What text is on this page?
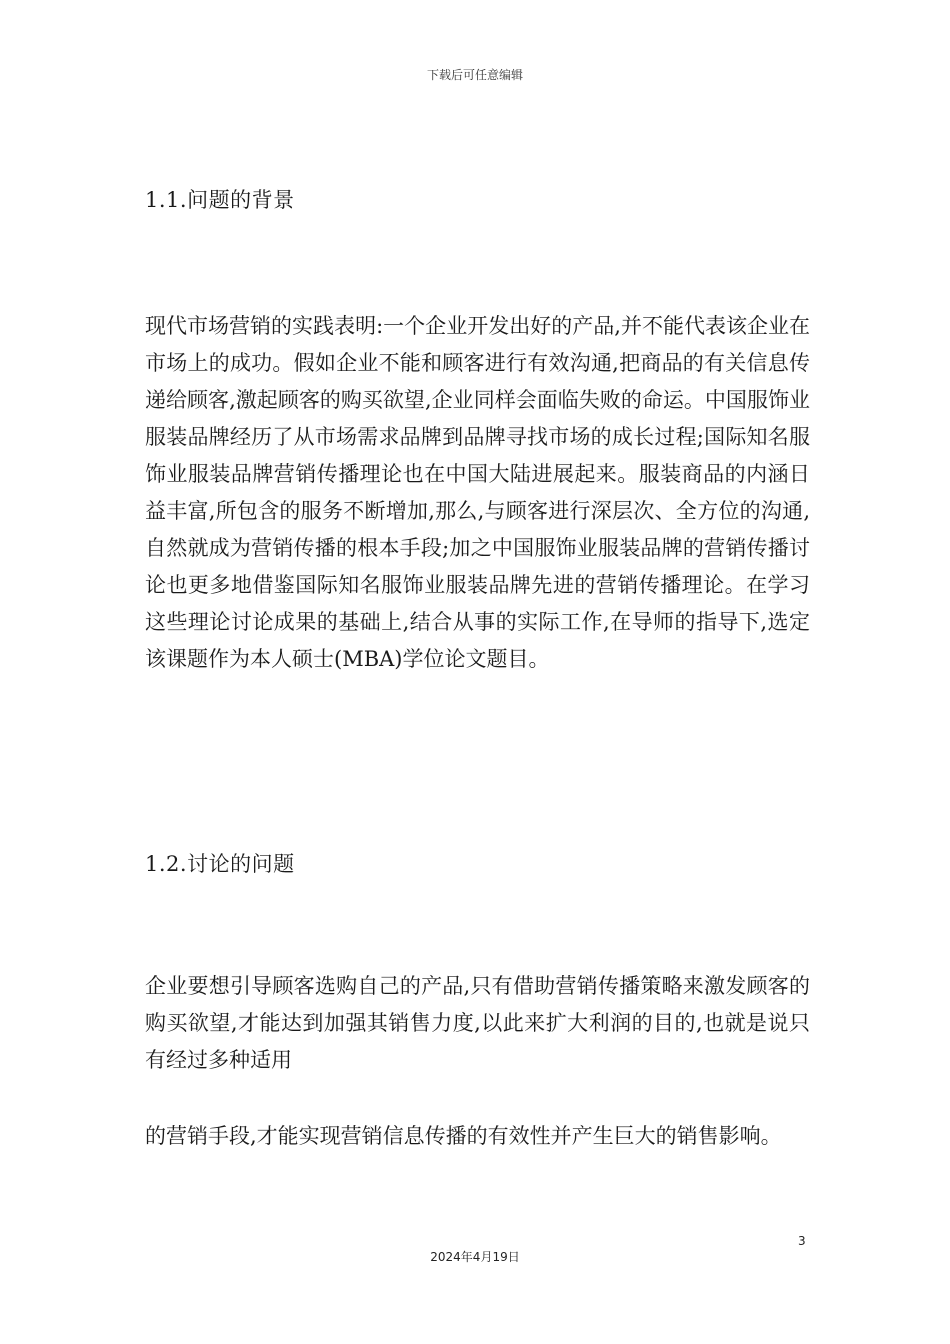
下载后可任意编辑
1.1.问题的背景

现代市场营销的实践表明:一个企业开发出好的产品,并不能代表该企业在市场上的成功。假如企业不能和顾客进行有效沟通,把商品的有关信息传递给顾客,激起顾客的购买欲望,企业同样会面临失败的命运。中国服饰业服装品牌经历了从市场需求品牌到品牌寻找市场的成长过程;国际知名服饰业服装品牌营销传播理论也在中国大陆进展起来。服装商品的内涵日益丰富,所包含的服务不断增加,那么,与顾客进行深层次、全方位的沟通,自然就成为营销传播的根本手段;加之中国服饰业服装品牌的营销传播讨论也更多地借鉴国际知名服饰业服装品牌先进的营销传播理论。在学习这些理论讨论成果的基础上,结合从事的实际工作,在导师的指导下,选定该课题作为本人硕士(MBA)学位论文题目。

1.2.讨论的问题

企业要想引导顾客选购自己的产品,只有借助营销传播策略来激发顾客的购买欲望,才能达到加强其销售力度,以此来扩大利润的目的,也就是说只有经过多种适用

的营销手段,才能实现营销信息传播的有效性并产生巨大的销售影响。

3
2024年4月19日
